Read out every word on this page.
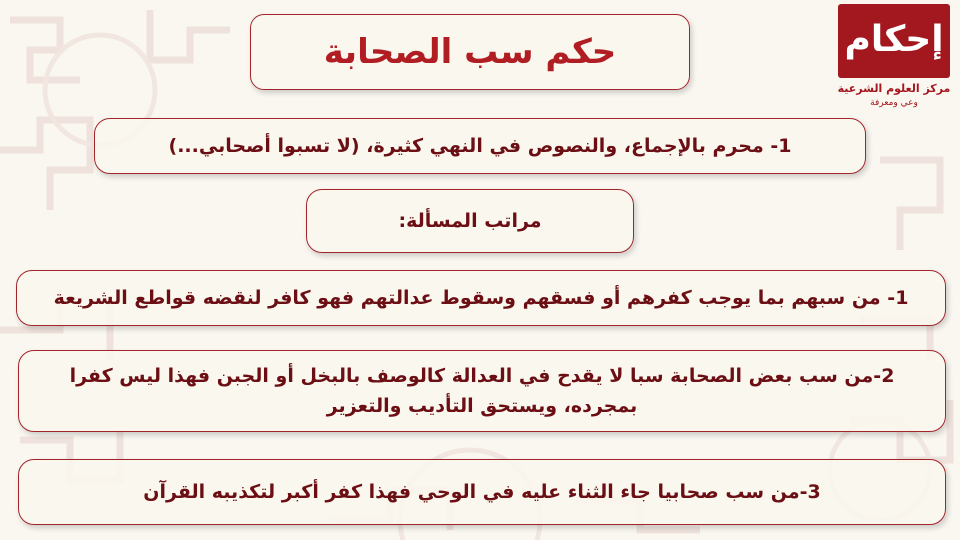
إحكام
مركز العلوم الشرعية
وعي ومعرفة
حكم سب الصحابة
1- محرم بالإجماع، والنصوص في النهي كثيرة، (لا تسبوا أصحابي...)
مراتب المسألة:
1- من سبهم بما يوجب كفرهم أو فسقهم وسقوط عدالتهم فهو كافر لنقضه قواطع الشريعة
2-من سب بعض الصحابة سبا لا يقدح في العدالة كالوصف بالبخل أو الجبن فهذا ليس كفرا بمجرده، ويستحق التأديب والتعزير
3-من سب صحابيا جاء الثناء عليه في الوحي فهذا كفر أكبر لتكذيبه القرآن
